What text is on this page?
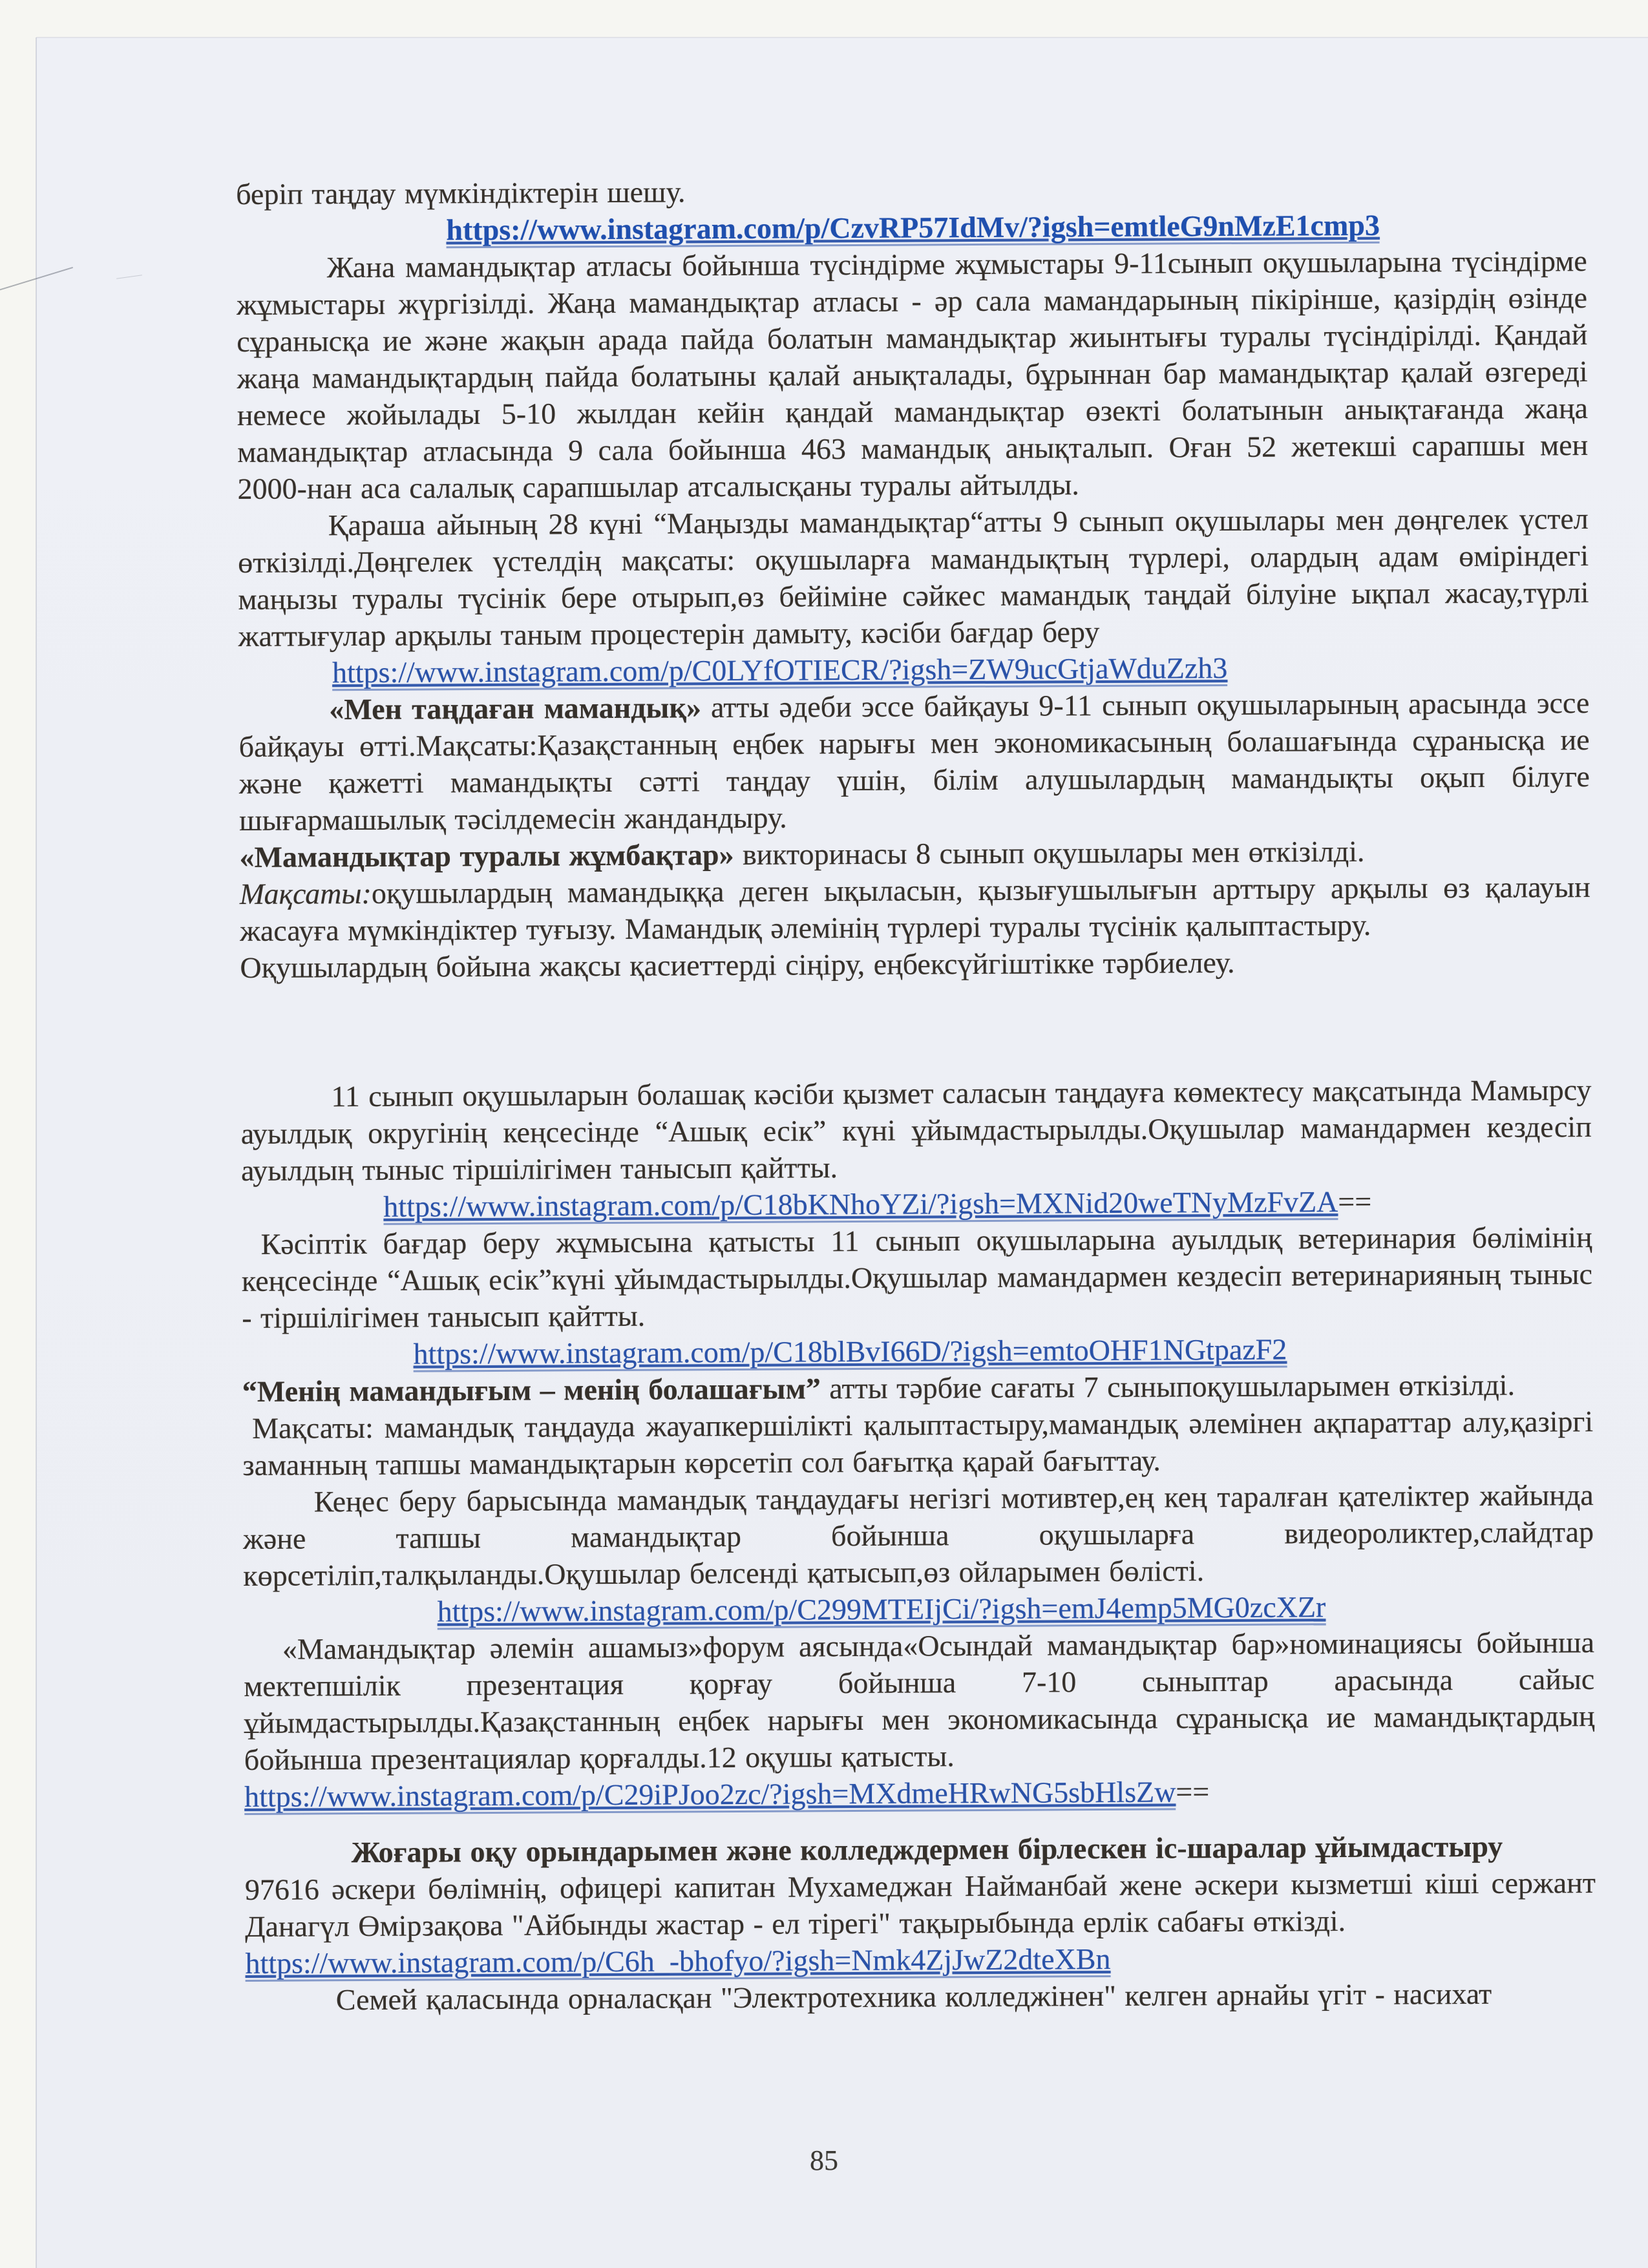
беріп таңдау мүмкіндіктерін шешу.

https://www.instagram.com/p/CzvRP57IdMv/?igsh=emtleG9nMzE1cmp3

Жана мамандықтар атласы бойынша түсіндірме жұмыстары 9-11сынып оқушыларына түсіндірме жұмыстары жүргізілді. Жаңа мамандықтар атласы - әр сала мамандарының пікірінше, қазірдің өзінде сұранысқа ие және жақын арада пайда болатын мамандықтар жиынтығы туралы түсіндірілді. Қандай жаңа мамандықтардың пайда болатыны қалай анықталады, бұрыннан бар мамандықтар қалай өзгереді немесе жойылады 5-10 жылдан кейін қандай мамандықтар өзекті болатынын анықтағанда жаңа мамандықтар атласында 9 сала бойынша 463 мамандық анықталып. Оған 52 жетекші сарапшы мен 2000-нан аса салалық сарапшылар атсалысқаны туралы айтылды.

Қараша айының 28 күні “Маңызды мамандықтар“атты 9 сынып оқушылары мен дөңгелек үстел өткізілді.Дөңгелек үстелдің мақсаты: оқушыларға мамандықтың түрлері, олардың адам өміріндегі маңызы туралы түсінік бере отырып,өз бейіміне сәйкес мамандық таңдай білуіне ықпал жасау,түрлі жаттығулар арқылы таным процестерін дамыту, кәсіби бағдар беру

https://www.instagram.com/p/C0LYfOTIECR/?igsh=ZW9ucGtjaWduZzh3

«Мен таңдаған мамандық» атты әдеби эссе байқауы 9-11 сынып оқушыларының арасында эссе байқауы өтті.Мақсаты:Қазақстанның еңбек нарығы мен экономикасының болашағында сұранысқа ие және қажетті мамандықты сәтті таңдау үшін, білім алушылардың мамандықты оқып білуге шығармашылық тәсілдемесін жандандыру.

«Мамандықтар туралы жұмбақтар» викторинасы 8 сынып оқушылары мен өткізілді.

Мақсаты:оқушылардың мамандыққа деген ықыласын, қызығушылығын арттыру арқылы өз қалауын жасауға мүмкіндіктер туғызу. Мамандық әлемінің түрлері туралы түсінік қалыптастыру.

Оқушылардың бойына жақсы қасиеттерді сіңіру, еңбексүйгіштікке тәрбиелеу.

11 сынып оқушыларын болашақ кәсіби қызмет саласын таңдауға көмектесу мақсатында Мамырсу ауылдық округінің кеңсесінде “Ашық есік” күні ұйымдастырылды.Оқушылар мамандармен кездесіп ауылдың тыныс тіршілігімен танысып қайтты.

https://www.instagram.com/p/C18bKNhoYZi/?igsh=MXNid20weTNyMzFvZA==

Кәсіптік бағдар беру жұмысына қатысты 11 сынып оқушыларына ауылдық ветеринария бөлімінің кеңсесінде “Ашық есік”күні ұйымдастырылды.Оқушылар мамандармен кездесіп ветеринарияның тыныс - тіршілігімен танысып қайтты.

https://www.instagram.com/p/C18blBvI66D/?igsh=emtoOHF1NGtpazF2

“Менің мамандығым – менің болашағым” атты тәрбие сағаты 7 сыныпоқушыларымен өткізілді.

Мақсаты: мамандық таңдауда жауапкершілікті қалыптастыру,мамандық әлемінен ақпараттар алу,қазіргі заманның тапшы мамандықтарын көрсетіп сол бағытқа қарай бағыттау.

Кеңес беру барысында мамандық таңдаудағы негізгі мотивтер,ең кең таралған қателіктер жайында және тапшы мамандықтар бойынша оқушыларға видеороликтер,слайдтар көрсетіліп,талқыланды.Оқушылар белсенді қатысып,өз ойларымен бөлісті.

https://www.instagram.com/p/C299MTEIjCi/?igsh=emJ4emp5MG0zcXZr

«Мамандықтар әлемін ашамыз»форум аясында«Осындай мамандықтар бар»номинациясы бойынша мектепшілік презентация қорғау бойынша 7-10 сыныптар арасында сайыс ұйымдастырылды.Қазақстанның еңбек нарығы мен экономикасында сұранысқа ие мамандықтардың бойынша презентациялар қорғалды.12 оқушы қатысты.

https://www.instagram.com/p/C29iPJoo2zc/?igsh=MXdmeHRwNG5sbHlsZw==

Жоғары оқу орындарымен және колледждермен бірлескен іс-шаралар ұйымдастыру

97616 әскери бөлімнің, офицері капитан Мухамеджан Найманбай жене әскери кызметші кіші сержант Данагүл Өмірзақова "Айбынды жастар - ел тірегі" тақырыбында ерлік сабағы өткізді.

https://www.instagram.com/p/C6h_-bhofyo/?igsh=Nmk4ZjJwZ2dteXBn

Семей қаласында орналасқан "Электротехника колледжінен" келген арнайы үгіт - насихат

85
